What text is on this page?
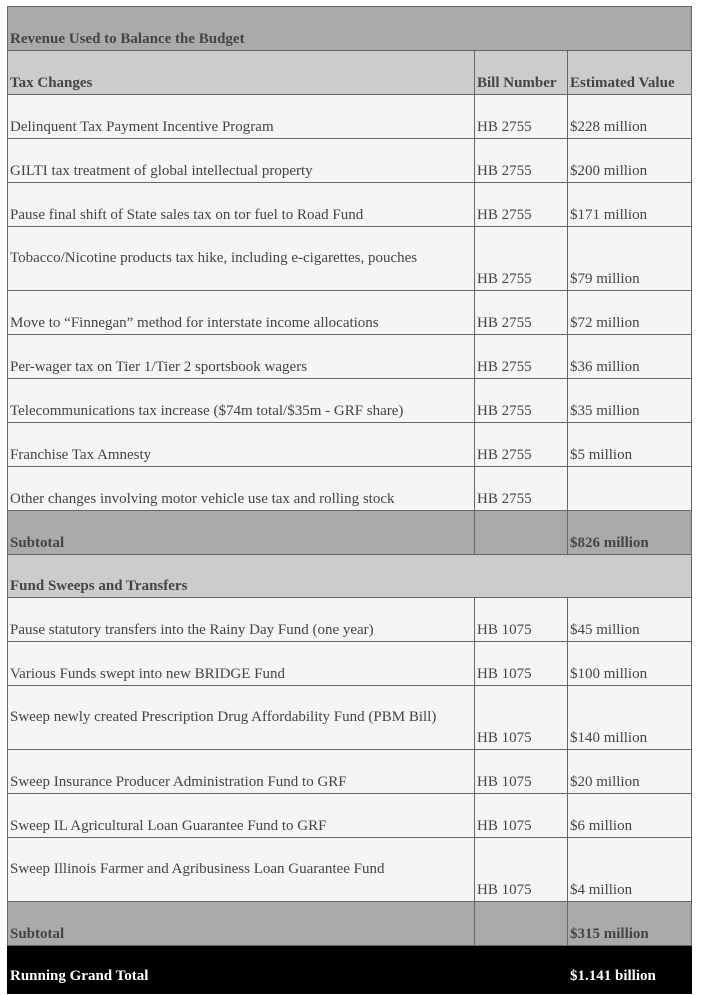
Revenue Used to Balance the Budget		
Tax Changes	Bill Number	Estimated Value
Delinquent Tax Payment Incentive Program	HB 2755	$228 million
GILTI tax treatment of global intellectual property	HB 2755	$200 million
Pause final shift of State sales tax on tor fuel to Road Fund	HB 2755	$171 million
Tobacco/Nicotine products tax hike, including e-cigarettes, pouches	HB 2755	$79 million
Move to “Finnegan” method for interstate income allocations	HB 2755	$72 million
Per-wager tax on Tier 1/Tier 2 sportsbook wagers	HB 2755	$36 million
Telecommunications tax increase ($74m total/$35m - GRF share)	HB 2755	$35 million
Franchise Tax Amnesty	HB 2755	$5 million
Other changes involving motor vehicle use tax and rolling stock	HB 2755	
Subtotal		$826 million
Fund Sweeps and Transfers		
Pause statutory transfers into the Rainy Day Fund (one year)	HB 1075	$45 million
Various Funds swept into new BRIDGE Fund	HB 1075	$100 million
Sweep newly created Prescription Drug Affordability Fund (PBM Bill)	HB 1075	$140 million
Sweep Insurance Producer Administration Fund to GRF	HB 1075	$20 million
Sweep IL Agricultural Loan Guarantee Fund to GRF	HB 1075	$6 million
Sweep Illinois Farmer and Agribusiness Loan Guarantee Fund	HB 1075	$4 million
Subtotal		$315 million
Running Grand Total		$1.141 billion
